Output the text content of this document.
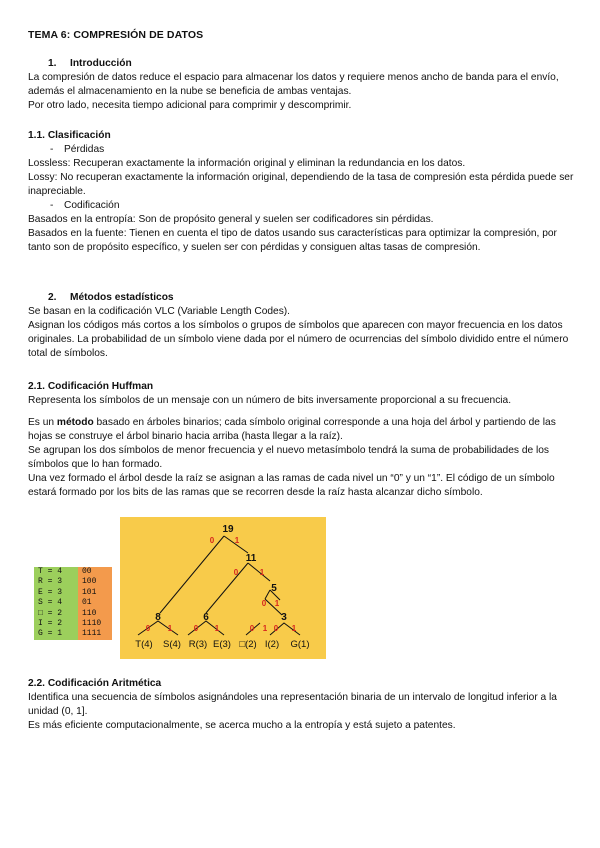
TEMA 6: COMPRESIÓN DE DATOS
1. Introducción

La compresión de datos reduce el espacio para almacenar los datos y requiere menos ancho de banda para el envío, además el almacenamiento en la nube se beneficia de ambas ventajas.

Por otro lado, necesita tiempo adicional para comprimir y descomprimir.

1.1. Clasificación
- Pérdidas

Lossless: Recuperan exactamente la información original y eliminan la redundancia en los datos.

Lossy: No recuperan exactamente la información original, dependiendo de la tasa de compresión esta pérdida puede ser inapreciable.

- Codificación

Basados en la entropía: Son de propósito general y suelen ser codificadores sin pérdidas.

Basados en la fuente: Tienen en cuenta el tipo de datos usando sus características para optimizar la compresión, por tanto son de propósito específico, y suelen ser con pérdidas y consiguen altas tasas de compresión.

2. Métodos estadísticos

Se basan en la codificación VLC (Variable Length Codes).

Asignan los códigos más cortos a los símbolos o grupos de símbolos que aparecen con mayor frecuencia en los datos originales. La probabilidad de un símbolo viene dada por el número de ocurrencias del símbolo dividido entre el número total de símbolos.

2.1. Codificación Huffman

Representa los símbolos de un mensaje con un número de bits inversamente proporcional a su frecuencia.

Es un método basado en árboles binarios; cada símbolo original corresponde a una hoja del árbol y partiendo de las hojas se construye el árbol binario hacia arriba (hasta llegar a la raíz).

Se agrupan los dos símbolos de menor frecuencia y el nuevo metasímbolo tendrá la suma de probabilidades de los símbolos que lo han formado.

Una vez formado el árbol desde la raíz se asignan a las ramas de cada nivel un “0” y un “1”. El código de un símbolo estará formado por los bits de las ramas que se recorren desde la raíz hasta alcanzar dicho símbolo.

T = 4	00
R = 3	100
E = 3	101
S = 4	01
□ = 2	110
I = 2	1110
G = 1	1111
19
11
5
8	6	3
0	1
0	1
0 1
0 1	0 1	0 1 0 1
T(4) S(4) R(3) E(3) □(2) I(2) G(1)
2.2. Codificación Aritmética

Identifica una secuencia de símbolos asignándoles una representación binaria de un intervalo de longitud inferior a la unidad (0, 1].

Es más eficiente computacionalmente, se acerca mucho a la entropía y está sujeto a patentes.
